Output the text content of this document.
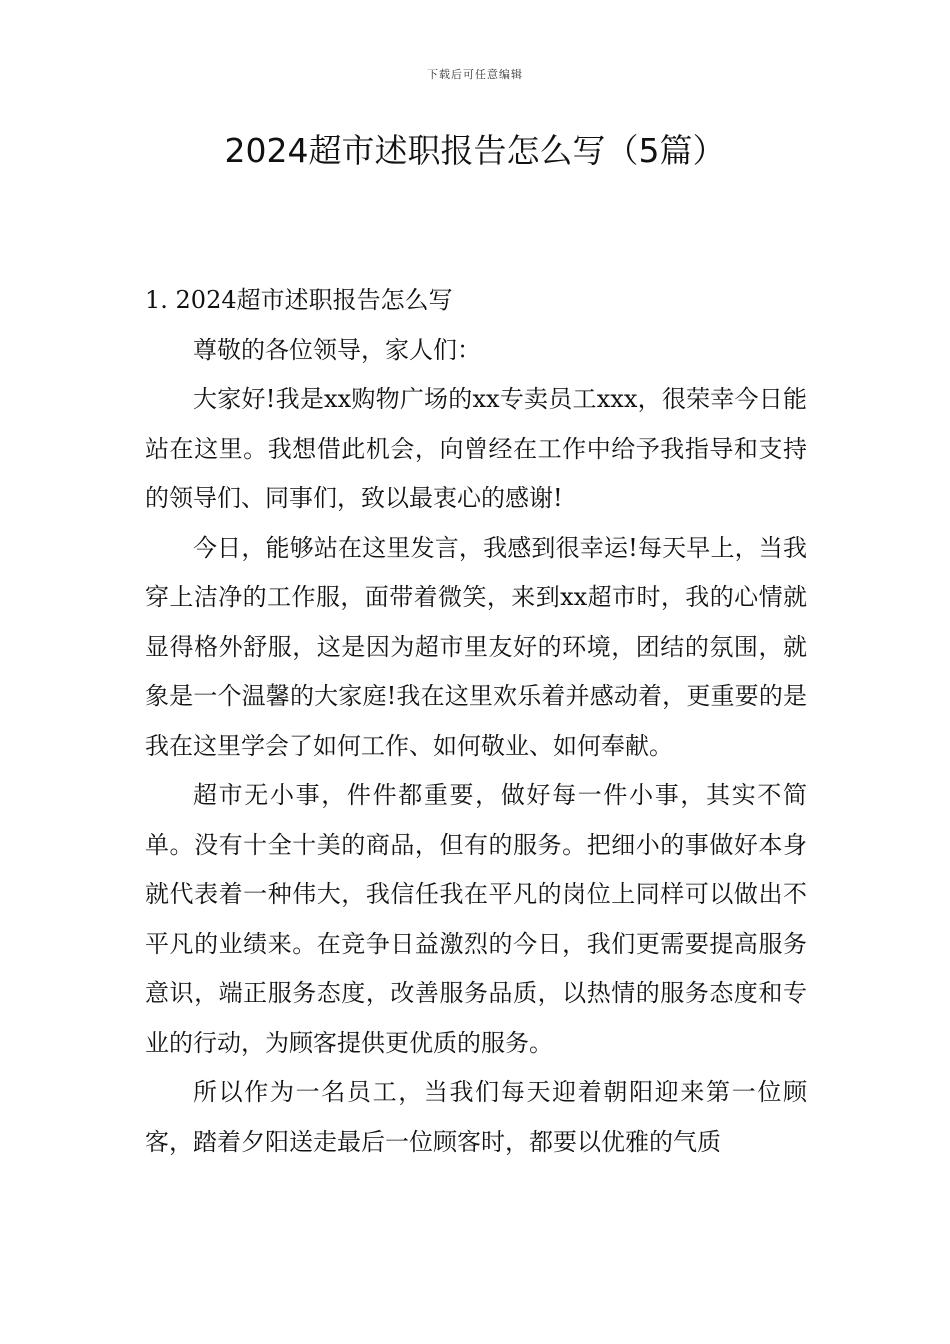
下载后可任意编辑
2024超市述职报告怎么写（5篇）
1. 2024超市述职报告怎么写

尊敬的各位领导，家人们：

大家好!我是xx购物广场的xx专卖员工xxx，很荣幸今日能站在这里。我想借此机会，向曾经在工作中给予我指导和支持的领导们、同事们，致以最衷心的感谢!

今日，能够站在这里发言，我感到很幸运!每天早上，当我穿上洁净的工作服，面带着微笑，来到xx超市时，我的心情就显得格外舒服，这是因为超市里友好的环境，团结的氛围，就象是一个温馨的大家庭!我在这里欢乐着并感动着，更重要的是我在这里学会了如何工作、如何敬业、如何奉献。

超市无小事，件件都重要，做好每一件小事，其实不简单。没有十全十美的商品，但有的服务。把细小的事做好本身就代表着一种伟大，我信任我在平凡的岗位上同样可以做出不平凡的业绩来。在竞争日益激烈的今日，我们更需要提高服务意识，端正服务态度，改善服务品质，以热情的服务态度和专业的行动，为顾客提供更优质的服务。

所以作为一名员工，当我们每天迎着朝阳迎来第一位顾客，踏着夕阳送走最后一位顾客时，都要以优雅的气质
